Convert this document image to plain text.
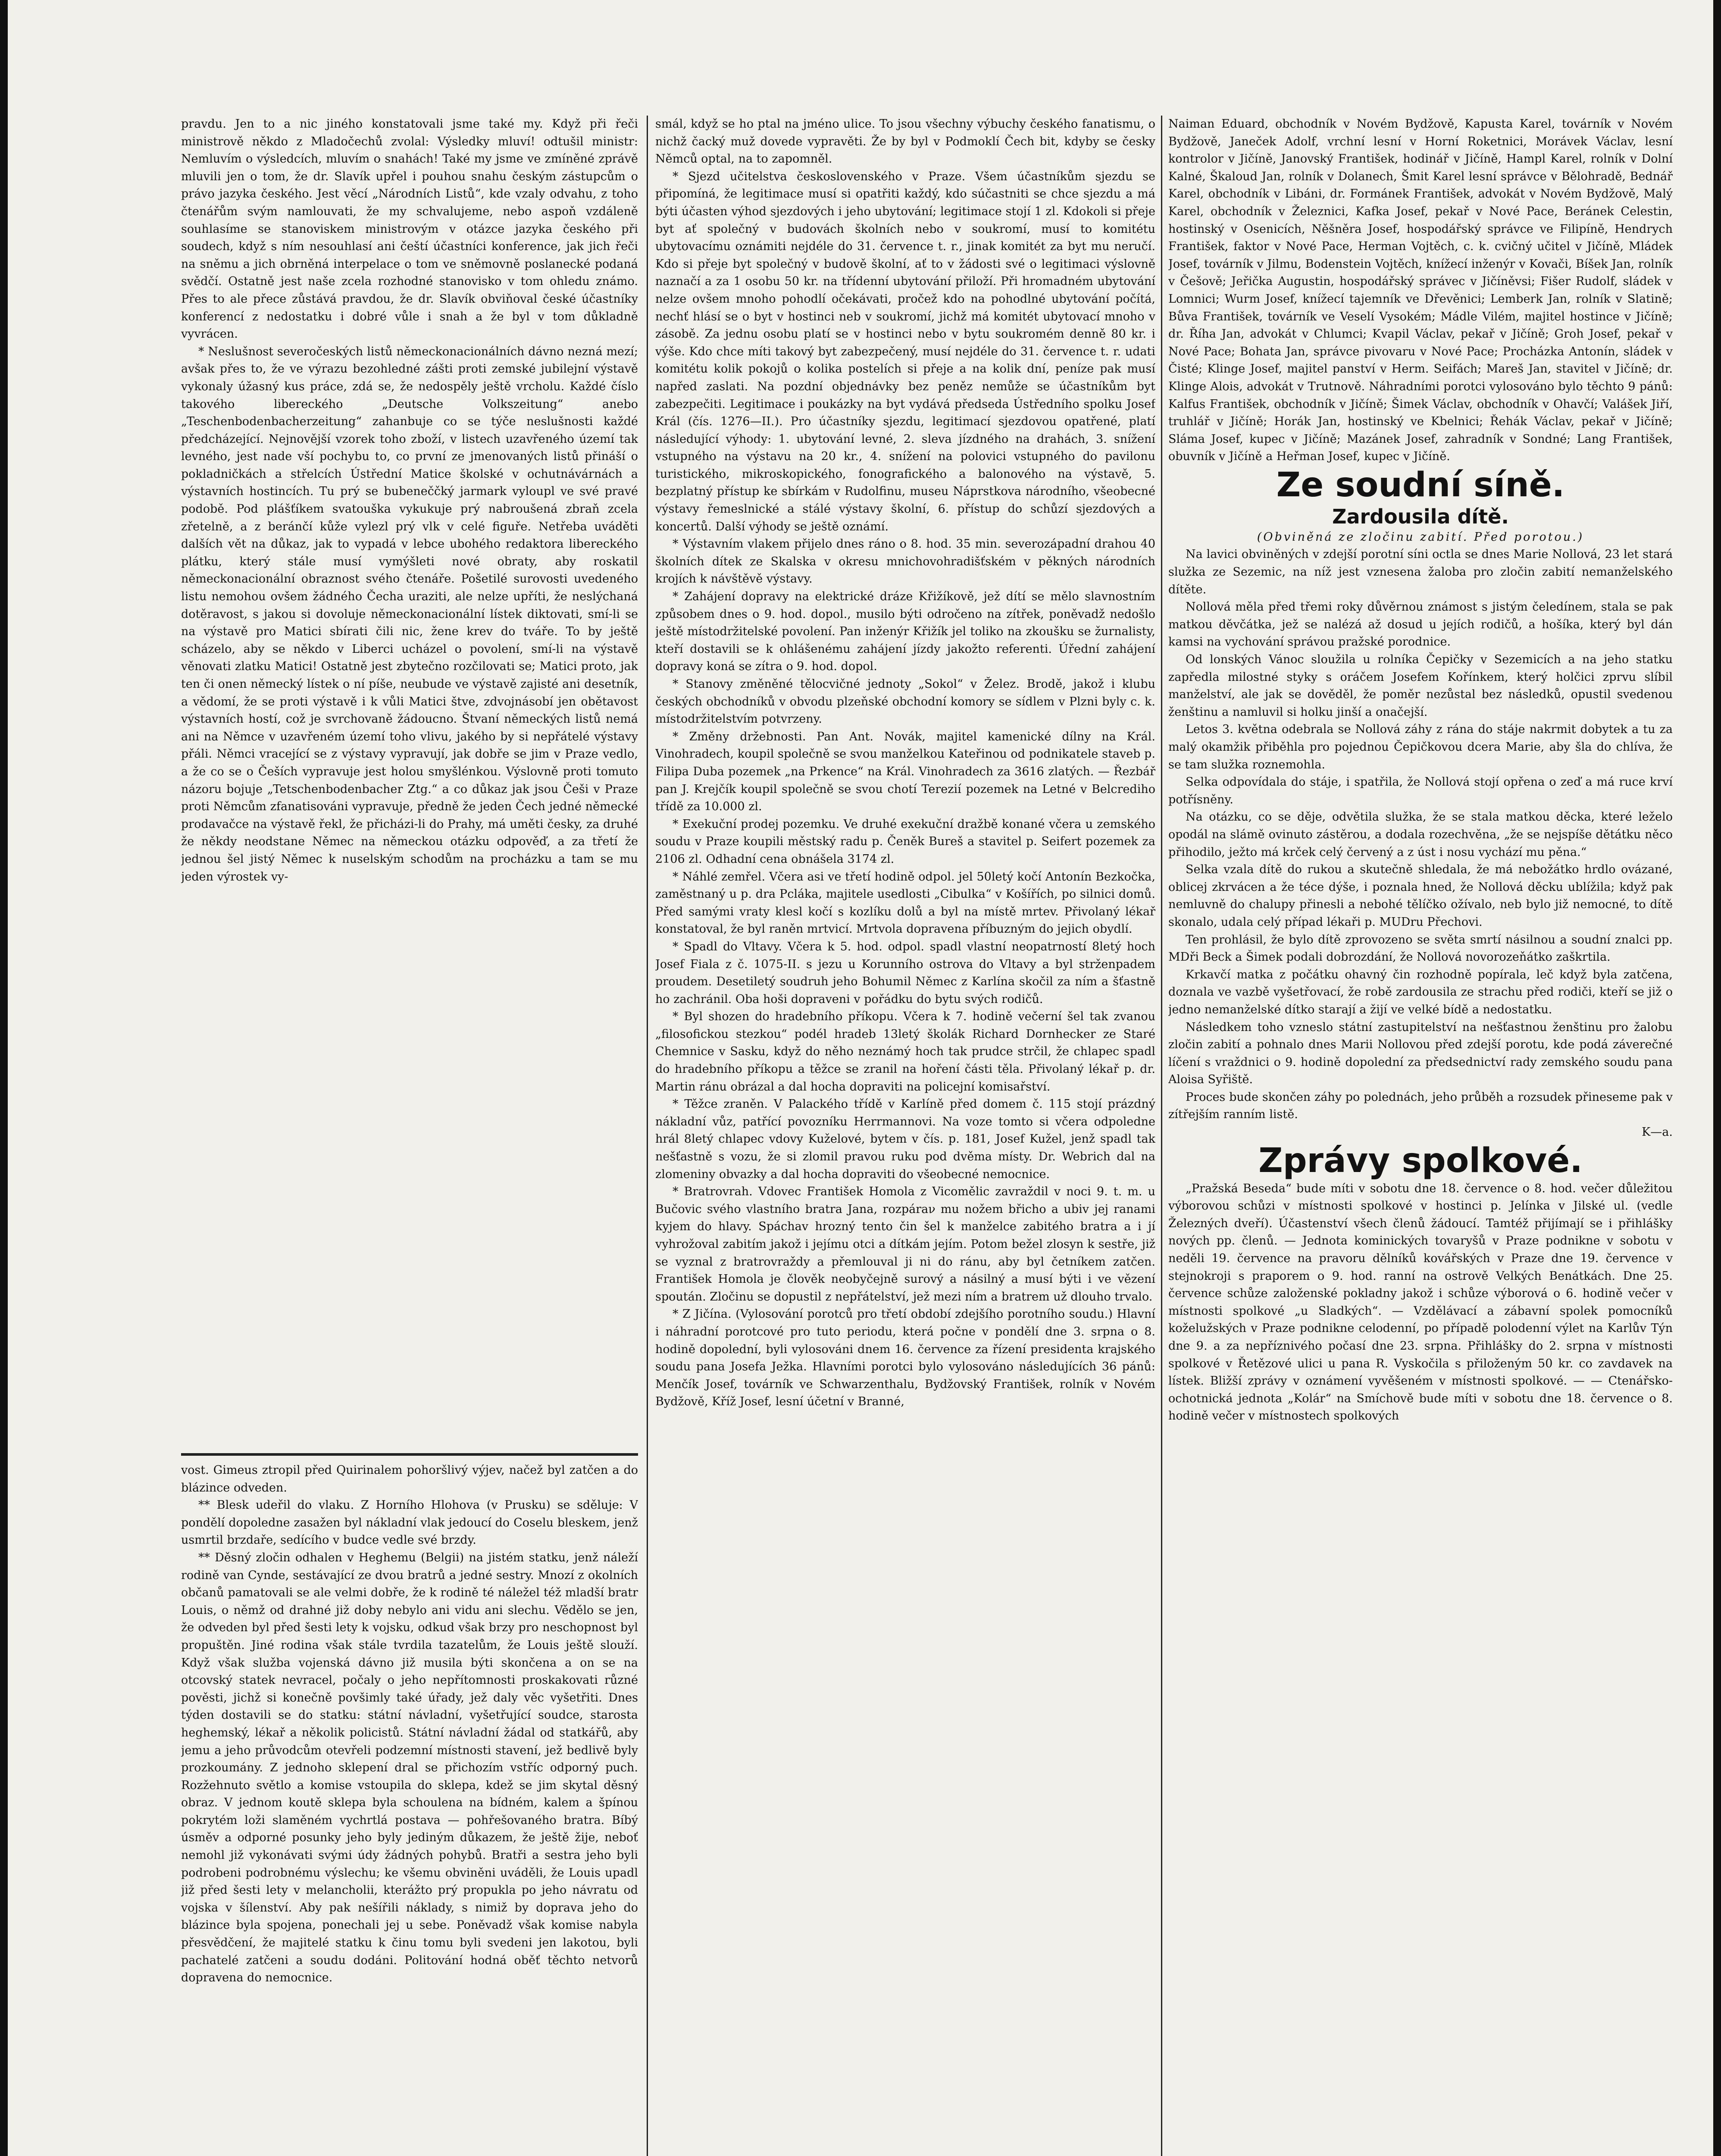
pravdu. Jen to a nic jiného konstatovali jsme také my. Když při řeči ministrově někdo z Mladočechů zvolal: Výsledky mluví! odtušil ministr: Nemluvím o výsledcích, mluvím o snahách! Také my jsme ve zmíněné zprávě mluvili jen o tom, že dr. Slavík upřel i pouhou snahu českým zástupcům o právo jazyka českého. Jest věcí „Národních Listů“, kde vzaly odvahu, z toho čtenářům svým namlouvati, že my schvalujeme, nebo aspoň vzdáleně souhlasíme se stanoviskem ministrovým v otázce jazyka českého při soudech, když s ním nesouhlasí ani čeští účastníci konference, jak jich řeči na sněmu a jich obrněná interpelace o tom ve sněmovně poslanecké podaná svědčí. Ostatně jest naše zcela rozhodné stanovisko v tom ohledu známo. Přes to ale přece zůstává pravdou, že dr. Slavík obviňoval české účastníky konferencí z nedostatku i dobré vůle i snah a že byl v tom důkladně vyvrácen.

* Neslušnost severočeských listů německonacionálních dávno nezná mezí; avšak přes to, že ve výrazu bezohledné zášti proti zemské jubilejní výstavě vykonaly úžasný kus práce, zdá se, že nedospěly ještě vrcholu. Každé číslo takového libereckého „Deutsche Volkszeitung“ anebo „Teschenbodenbacherzeitung“ zahanbuje co se týče neslušnosti každé předcházející. Nejnovější vzorek toho zboží, v listech uzavřeného území tak levného, jest nade vší pochybu to, co první ze jmenovaných listů přináší o pokladničkách a střelcích Ústřední Matice školské v ochutnávárnách a výstavních hostincích. Tu prý se bubeneččký jarmark vyloupl ve své pravé podobě. Pod plášťíkem svatouška vykukuje prý nabroušená zbraň zcela zřetelně, a z beránčí kůže vylezl prý vlk v celé figuře. Netřeba uváděti dalších vět na důkaz, jak to vypadá v lebce ubohého redaktora libereckého plátku, který stále musí vymýšleti nové obraty, aby roskatil německonacionální obraznost svého čtenáře. Pošetilé surovosti uvedeného listu nemohou ovšem žádného Čecha uraziti, ale nelze upříti, že neslýchaná dotěravost, s jakou si dovoluje německonacionální lístek diktovati, smí-li se na výstavě pro Matici sbírati čili nic, žene krev do tváře. To by ještě scházelo, aby se někdo v Liberci ucházel o povolení, smí-li na výstavě věnovati zlatku Matici! Ostatně jest zbytečno rozčilovati se; Matici proto, jak ten či onen německý lístek o ní píše, neubude ve výstavě zajisté ani desetník, a vědomí, že se proti výstavě i k vůli Matici štve, zdvojnásobí jen obětavost výstavních hostí, což je svrchovaně žádoucno. Štvaní německých listů nemá ani na Němce v uzavřeném území toho vlivu, jakého by si nepřátelé výstavy přáli. Němci vracející se z výstavy vypravují, jak dobře se jim v Praze vedlo, a že co se o Češích vypravuje jest holou smyšlénkou. Výslovně proti tomuto názoru bojuje „Tetschenbodenbacher Ztg.“ a co důkaz jak jsou Češi v Praze proti Němcům zfanatisováni vypravuje, předně že jeden Čech jedné německé prodavačce na výstavě řekl, že přicházi-li do Prahy, má uměti česky, za druhé že někdy neodstane Němec na německou otázku odpověď, a za třetí že jednou šel jistý Němec k nuselským schodům na procházku a tam se mu jeden výrostek vy-

vost. Gimeus ztropil před Quirinalem pohoršlivý výjev, načež byl zatčen a do blázince odveden.

** Blesk udeřil do vlaku. Z Horního Hlohova (v Prusku) se sděluje: V pondělí dopoledne zasažen byl nákladní vlak jedoucí do Coselu bleskem, jenž usmrtil brzdaře, sedícího v budce vedle své brzdy.

** Děsný zločin odhalen v Heghemu (Belgii) na jistém statku, jenž náleží rodině van Cynde, sestávající ze dvou bratrů a jedné sestry. Mnozí z okolních občanů pamatovali se ale velmi dobře, že k rodině té náležel též mladší bratr Louis, o němž od drahné již doby nebylo ani vidu ani slechu. Vědělo se jen, že odveden byl před šesti lety k vojsku, odkud však brzy pro neschopnost byl propuštěn. Jiné rodina však stále tvrdila tazatelům, že Louis ještě slouží. Když však služba vojenská dávno již musila býti skončena a on se na otcovský statek nevracel, počaly o jeho nepřítomnosti proskakovati různé pověsti, jichž si konečně povšimly také úřady, jež daly věc vyšetřiti. Dnes týden dostavili se do statku: státní návladní, vyšetřující soudce, starosta heghemský, lékař a několik policistů. Státní návladní žádal od statkářů, aby jemu a jeho průvodcům otevřeli podzemní místnosti stavení, jež bedlivě byly prozkoumány. Z jednoho sklepení dral se přichozím vstříc odporný puch. Rozžehnuto světlo a komise vstoupila do sklepa, kdež se jim skytal děsný obraz. V jednom koutě sklepa byla schoulena na bídném, kalem a špínou pokrytém loži slaměném vychrtlá postava — pohřešovaného bratra. Bíbý úsměv a odporné posunky jeho byly jediným důkazem, že ještě žije, neboť nemohl již vykonávati svými údy žádných pohybů. Bratři a sestra jeho byli podrobeni podrobnému výslechu; ke všemu obviněni uváděli, že Louis upadl již před šesti lety v melancholii, kterážto prý propukla po jeho návratu od vojska v šílenství. Aby pak nešířili náklady, s nimiž by doprava jeho do blázince byla spojena, ponechali jej u sebe. Poněvadž však komise nabyla přesvědčení, že majitelé statku k činu tomu byli svedeni jen lakotou, byli pachatelé zatčeni a soudu dodáni. Politování hodná oběť těchto netvorů dopravena do nemocnice.

smál, když se ho ptal na jméno ulice. To jsou všechny výbuchy českého fanatismu, o nichž čacký muž dovede vypravěti. Že by byl v Podmoklí Čech bit, kdyby se česky Němců optal, na to zapomněl.

* Sjezd učitelstva československého v Praze. Všem účastníkům sjezdu se připomíná, že legitimace musí si opatřiti každý, kdo súčastniti se chce sjezdu a má býti účasten výhod sjezdových i jeho ubytování; legitimace stojí 1 zl. Kdokoli si přeje byt ať společný v budovách školních nebo v soukromí, musí to komitétu ubytovacímu oznámiti nejdéle do 31. července t. r., jinak komitét za byt mu neručí. Kdo si přeje byt společný v budově školní, ať to v žádosti své o legitimaci výslovně naznačí a za 1 osobu 50 kr. na třídenní ubytování přiloží. Při hromadném ubytování nelze ovšem mnoho pohodlí očekávati, pročež kdo na pohodlné ubytování počítá, nechť hlásí se o byt v hostinci neb v soukromí, jichž má komitét ubytovací mnoho v zásobě. Za jednu osobu platí se v hostinci nebo v bytu soukromém denně 80 kr. i výše. Kdo chce míti takový byt zabezpečený, musí nejdéle do 31. července t. r. udati komitétu kolik pokojů o kolika postelích si přeje a na kolik dní, peníze pak musí napřed zaslati. Na pozdní objednávky bez peněz nemůže se účastníkům byt zabezpečiti. Legitimace i poukázky na byt vydává předseda Ústředního spolku Josef Král (čís. 1276—II.). Pro účastníky sjezdu, legitimací sjezdovou opatřené, platí následující výhody: 1. ubytování levné, 2. sleva jízdného na drahách, 3. snížení vstupného na výstavu na 20 kr., 4. snížení na polovici vstupného do pavilonu turistického, mikroskopického, fonografického a balonového na výstavě, 5. bezplatný přístup ke sbírkám v Rudolfinu, museu Náprstkova národního, všeobecné výstavy řemeslnické a stálé výstavy školní, 6. přístup do schůzí sjezdových a koncertů. Další výhody se ještě oznámí.

* Výstavním vlakem přijelo dnes ráno o 8. hod. 35 min. severozápadní drahou 40 školních dítek ze Skalska v okresu mnichovohradišťském v pěkných národních krojích k návštěvě výstavy.

* Zahájení dopravy na elektrické dráze Křižíkově, jež dítí se mělo slavnostním způsobem dnes o 9. hod. dopol., musilo býti odročeno na zítřek, poněvadž nedošlo ještě místodržitelské povolení. Pan inženýr Křižík jel toliko na zkoušku se žurnalisty, kteří dostavili se k ohlášenému zahájení jízdy jakožto referenti. Úřední zahájení dopravy koná se zítra o 9. hod. dopol.

* Stanovy změněné tělocvičné jednoty „Sokol“ v Želez. Brodě, jakož i klubu českých obchodníků v obvodu plzeňské obchodní komory se sídlem v Plzni byly c. k. místodržitelstvím potvrzeny.

* Změny držebnosti. Pan Ant. Novák, majitel kamenické dílny na Král. Vinohradech, koupil společně se svou manželkou Kateřinou od podnikatele staveb p. Filipa Duba pozemek „na Prkence“ na Král. Vinohradech za 3616 zlatých. — Řezbář pan J. Krejčík koupil společně se svou chotí Terezií pozemek na Letné v Belcrediho třídě za 10.000 zl.

* Exekuční prodej pozemku. Ve druhé exekuční dražbě konané včera u zemského soudu v Praze koupili městský radu p. Čeněk Bureš a stavitel p. Seifert pozemek za 2106 zl. Odhadní cena obnášela 3174 zl.

* Náhlé zemřel. Včera asi ve třetí hodině odpol. jel 50letý kočí Antonín Bezkočka, zaměstnaný u p. dra Pcláka, majitele usedlosti „Cibulka“ v Košířích, po silnici domů. Před samými vraty klesl kočí s kozlíku dolů a byl na místě mrtev. Přivolaný lékař konstatoval, že byl raněn mrtvicí. Mrtvola dopravena příbuzným do jejich obydlí.

* Spadl do Vltavy. Včera k 5. hod. odpol. spadl vlastní neopatrností 8letý hoch Josef Fiala z č. 1075-II. s jezu u Korunního ostrova do Vltavy a byl strženpadem proudem. Desetiletý soudruh jeho Bohumil Němec z Karlína skočil za ním a šťastně ho zachránil. Oba hoši dopraveni v pořádku do bytu svých rodičů.

* Byl shozen do hradebního příkopu. Včera k 7. hodině večerní šel tak zvanou „filosofickou stezkou“ podél hradeb 13letý školák Richard Dornhecker ze Staré Chemnice v Sasku, když do něho neznámý hoch tak prudce strčil, že chlapec spadl do hradebního příkopu a těžce se zranil na hoření části těla. Přivolaný lékař p. dr. Martin ránu obrázal a dal hocha dopraviti na policejní komisařství.

* Těžce zraněn. V Palackého třídě v Karlíně před domem č. 115 stojí prázdný nákladní vůz, patřící povozníku Herrmannovi. Na voze tomto si včera odpoledne hrál 8letý chlapec vdovy Kuželové, bytem v čís. p. 181, Josef Kužel, jenž spadl tak nešťastně s vozu, že si zlomil pravou ruku pod dvěma místy. Dr. Webrich dal na zlomeniny obvazky a dal hocha dopraviti do všeobecné nemocnice.

* Bratrovrah. Vdovec František Homola z Vicomělic zavraždil v noci 9. t. m. u Bučovic svého vlastního bratra Jana, rozpáraν mu nožem břicho a ubiv jej ranami kyjem do hlavy. Spáchav hrozný tento čin šel k manželce zabitého bratra a i jí vyhrožoval zabitím jakož i jejímu otci a dítkám jejím. Potom bežel zlosyn k sestře, již se vyznal z bratrovraždy a přemlouval ji ni do ránu, aby byl četníkem zatčen. František Homola je člověk neobyčejně surový a násilný a musí býti i ve vězení spoután. Zločinu se dopustil z nepřátelství, jež mezi ním a bratrem už dlouho trvalo.

* Z Jičína. (Vylosování porotců pro třetí období zdejšího porotního soudu.) Hlavní i náhradní porotcové pro tuto periodu, která počne v pondělí dne 3. srpna o 8. hodině dopolední, byli vylosováni dnem 16. července za řízení presidenta krajského soudu pana Josefa Ježka. Hlavními porotci bylo vylosováno následujících 36 pánů: Menčík Josef, továrník ve Schwarzenthalu, Bydžovský František, rolník v Novém Bydžově, Kříž Josef, lesní účetní v Branné,

Naiman Eduard, obchodník v Novém Bydžově, Kapusta Karel, továrník v Novém Bydžově, Janeček Adolf, vrchní lesní v Horní Roketnici, Morávek Václav, lesní kontrolor v Jičíně, Janovský František, hodinář v Jičíně, Hampl Karel, rolník v Dolní Kalné, Škaloud Jan, rolník v Dolanech, Šmit Karel lesní správce v Bělohradě, Bednář Karel, obchodník v Libáni, dr. Formánek František, advokát v Novém Bydžově, Malý Karel, obchodník v Železnici, Kafka Josef, pekař v Nové Pace, Beránek Celestin, hostinský v Osenicích, Něšněra Josef, hospodářský správce ve Filipíně, Hendrych František, faktor v Nové Pace, Herman Vojtěch, c. k. cvičný učitel v Jičíně, Mládek Josef, továrník v Jilmu, Bodenstein Vojtěch, knížecí inženýr v Kovači, Bíšek Jan, rolník v Češově; Jeřička Augustin, hospodářský správec v Jičíněvsi; Fišer Rudolf, sládek v Lomnici; Wurm Josef, knížecí tajemník ve Dřevěnici; Lemberk Jan, rolník v Slatině; Bůva František, továrník ve Veselí Vysokém; Mádle Vilém, majitel hostince v Jičíně; dr. Říha Jan, advokát v Chlumci; Kvapil Václav, pekař v Jičíně; Groh Josef, pekař v Nové Pace; Bohata Jan, správce pivovaru v Nové Pace; Procházka Antonín, sládek v Čisté; Klinge Josef, majitel panství v Herm. Seifách; Mareš Jan, stavitel v Jičíně; dr. Klinge Alois, advokát v Trutnově. Náhradními porotci vylosováno bylo těchto 9 pánů: Kalfus František, obchodník v Jičíně; Šimek Václav, obchodník v Ohavčí; Valášek Jiří, truhlář v Jičíně; Horák Jan, hostinský ve Kbelnici; Řehák Václav, pekař v Jičíně; Sláma Josef, kupec v Jičíně; Mazánek Josef, zahradník v Sondné; Lang František, obuvník v Jičíně a Heřman Josef, kupec v Jičíně.

Ze soudní síně.

Zardousila dítě.

(Obviněná ze zločinu zabití. Před porotou.)

Na lavici obviněných v zdejší porotní síni octla se dnes Marie Nollová, 23 let stará služka ze Sezemic, na níž jest vznesena žaloba pro zločin zabití nemanželského dítěte.

Nollová měla před třemi roky důvěrnou známost s jistým čeledínem, stala se pak matkou děvčátka, jež se nalézá až dosud u jejích rodičů, a hošíka, který byl dán kamsi na vychování správou pražské porodnice.

Od lonských Vánoc sloužila u rolníka Čepičky v Sezemicích a na jeho statku zapředla milostné styky s oráčem Josefem Kořínkem, který holčici zprvu slíbil manželství, ale jak se dověděl, že poměr nezůstal bez následků, opustil svedenou ženštinu a namluvil si holku jinší a onačejší.

Letos 3. května odebrala se Nollová záhy z rána do stáje nakrmit dobytek a tu za malý okamžik přiběhla pro pojednou Čepičkovou dcera Marie, aby šla do chlíva, že se tam služka roznemohla.

Selka odpovídala do stáje, i spatřila, že Nollová stojí opřena o zeď a má ruce krví potřísněny.

Na otázku, co se děje, odvětila služka, že se stala matkou děcka, které leželo opodál na slámě ovinuto zástěrou, a dodala rozechvěna, „že se nejspíše dětátku něco přihodilo, ježto má krček celý červený a z úst i nosu vychází mu pěna.“

Selka vzala dítě do rukou a skutečně shledala, že má nebožátko hrdlo ovázané, oblicej zkrvácen a že téce dýše, i poznala hned, že Nollová děcku ublížila; když pak nemluvně do chalupy přinesli a nebohé tělíčko ožívalo, neb bylo již nemocné, to dítě skonalo, udala celý případ lékaři p. MUDru Přechovi.

Ten prohlásil, že bylo dítě zprovozeno se světa smrtí násilnou a soudní znalci pp. MDři Beck a Šimek podali dobrozdání, že Nollová novorozeňátko zaškrtila.

Krkavčí matka z počátku ohavný čin rozhodně popírala, leč když byla zatčena, doznala ve vazbě vyšetřovací, že robě zardousila ze strachu před rodiči, kteří se již o jedno nemanželské dítko starají a žijí ve velké bídě a nedostatku.

Následkem toho vzneslo státní zastupitelství na nešťastnou ženštinu pro žalobu zločin zabití a pohnalo dnes Marii Nollovou před zdejší porotu, kde podá záverečné líčení s vraždnici o 9. hodině dopolední za předsednictví rady zemského soudu pana Aloisa Syřiště.

Proces bude skončen záhy po polednách, jeho průběh a rozsudek přineseme pak v zítřejším ranním listě.

K—a.

Zprávy spolkové.

„Pražská Beseda“ bude míti v sobotu dne 18. července o 8. hod. večer důležitou výborovou schůzi v místnosti spolkové v hostinci p. Jelínka v Jilské ul. (vedle Železných dveří). Účastenství všech členů žádoucí. Tamtéž přijímají se i přihlášky nových pp. členů. — Jednota kominických tovaryšů v Praze podnikne v sobotu v neděli 19. července na pravoru dělníků kovářských v Praze dne 19. července v stejnokroji s praporem o 9. hod. ranní na ostrově Velkých Benátkách. Dne 25. července schůze založenské pokladny jakož i schůze výborová o 6. hodině večer v místnosti spolkové „u Sladkých“. — Vzdělávací a zábavní spolek pomocníků koželužských v Praze podnikne celodenní, po případě polodenní výlet na Karlův Týn dne 9. a za nepříznivého počasí dne 23. srpna. Přihlášky do 2. srpna v místnosti spolkové v Řetězové ulici u pana R. Vyskočila s přiloženým 50 kr. co zavdavek na lístek. Bližší zprávy v oznámení vyvěšeném v místnosti spolkové. — — Ctenářsko-ochotnická jednota „Kolár“ na Smíchově bude míti v sobotu dne 18. července o 8. hodině večer v místnostech spolkových
